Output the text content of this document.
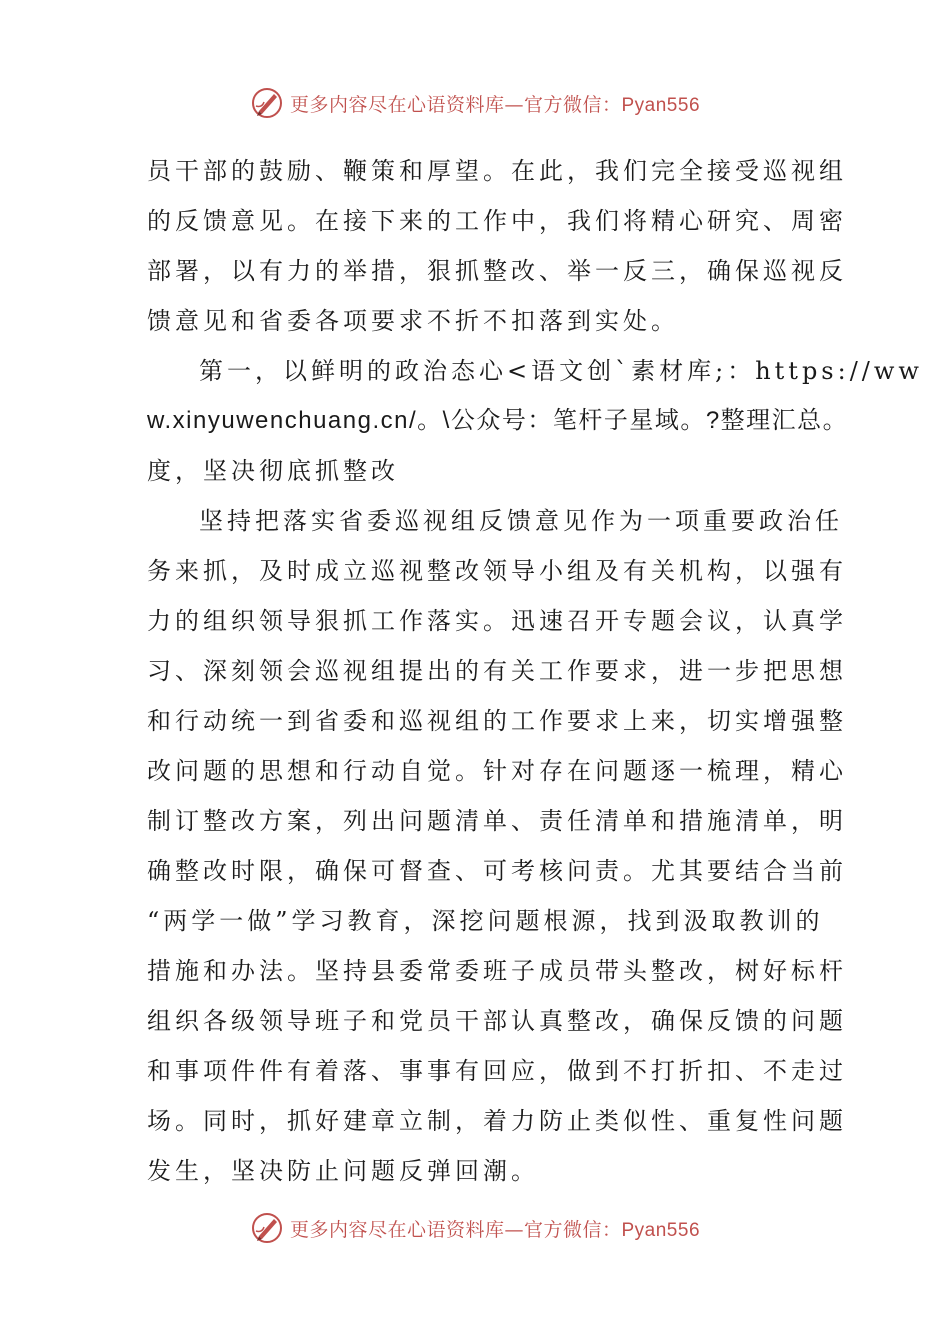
更多内容尽在心语资料库—官方微信：Pyan556
员干部的鼓励、鞭策和厚望。在此，我们完全接受巡视组
的反馈意见。在接下来的工作中，我们将精心研究、周密
部署，以有力的举措，狠抓整改、举一反三，确保巡视反
馈意见和省委各项要求不折不扣落到实处。
第一，以鲜明的政治态心<语文创`素材库;：https://ww
w.xinyuwenchuang.cn/。\公众号：笔杆子星域。?整理汇总。
度，坚决彻底抓整改
坚持把落实省委巡视组反馈意见作为一项重要政治任
务来抓，及时成立巡视整改领导小组及有关机构，以强有
力的组织领导狠抓工作落实。迅速召开专题会议，认真学
习、深刻领会巡视组提出的有关工作要求，进一步把思想
和行动统一到省委和巡视组的工作要求上来，切实增强整
改问题的思想和行动自觉。针对存在问题逐一梳理，精心
制订整改方案，列出问题清单、责任清单和措施清单，明
确整改时限，确保可督查、可考核问责。尤其要结合当前
“两学一做”学习教育，深挖问题根源，找到汲取教训的
措施和办法。坚持县委常委班子成员带头整改，树好标杆
组织各级领导班子和党员干部认真整改，确保反馈的问题
和事项件件有着落、事事有回应，做到不打折扣、不走过
场。同时，抓好建章立制，着力防止类似性、重复性问题
发生，坚决防止问题反弹回潮。
更多内容尽在心语资料库—官方微信：Pyan556
